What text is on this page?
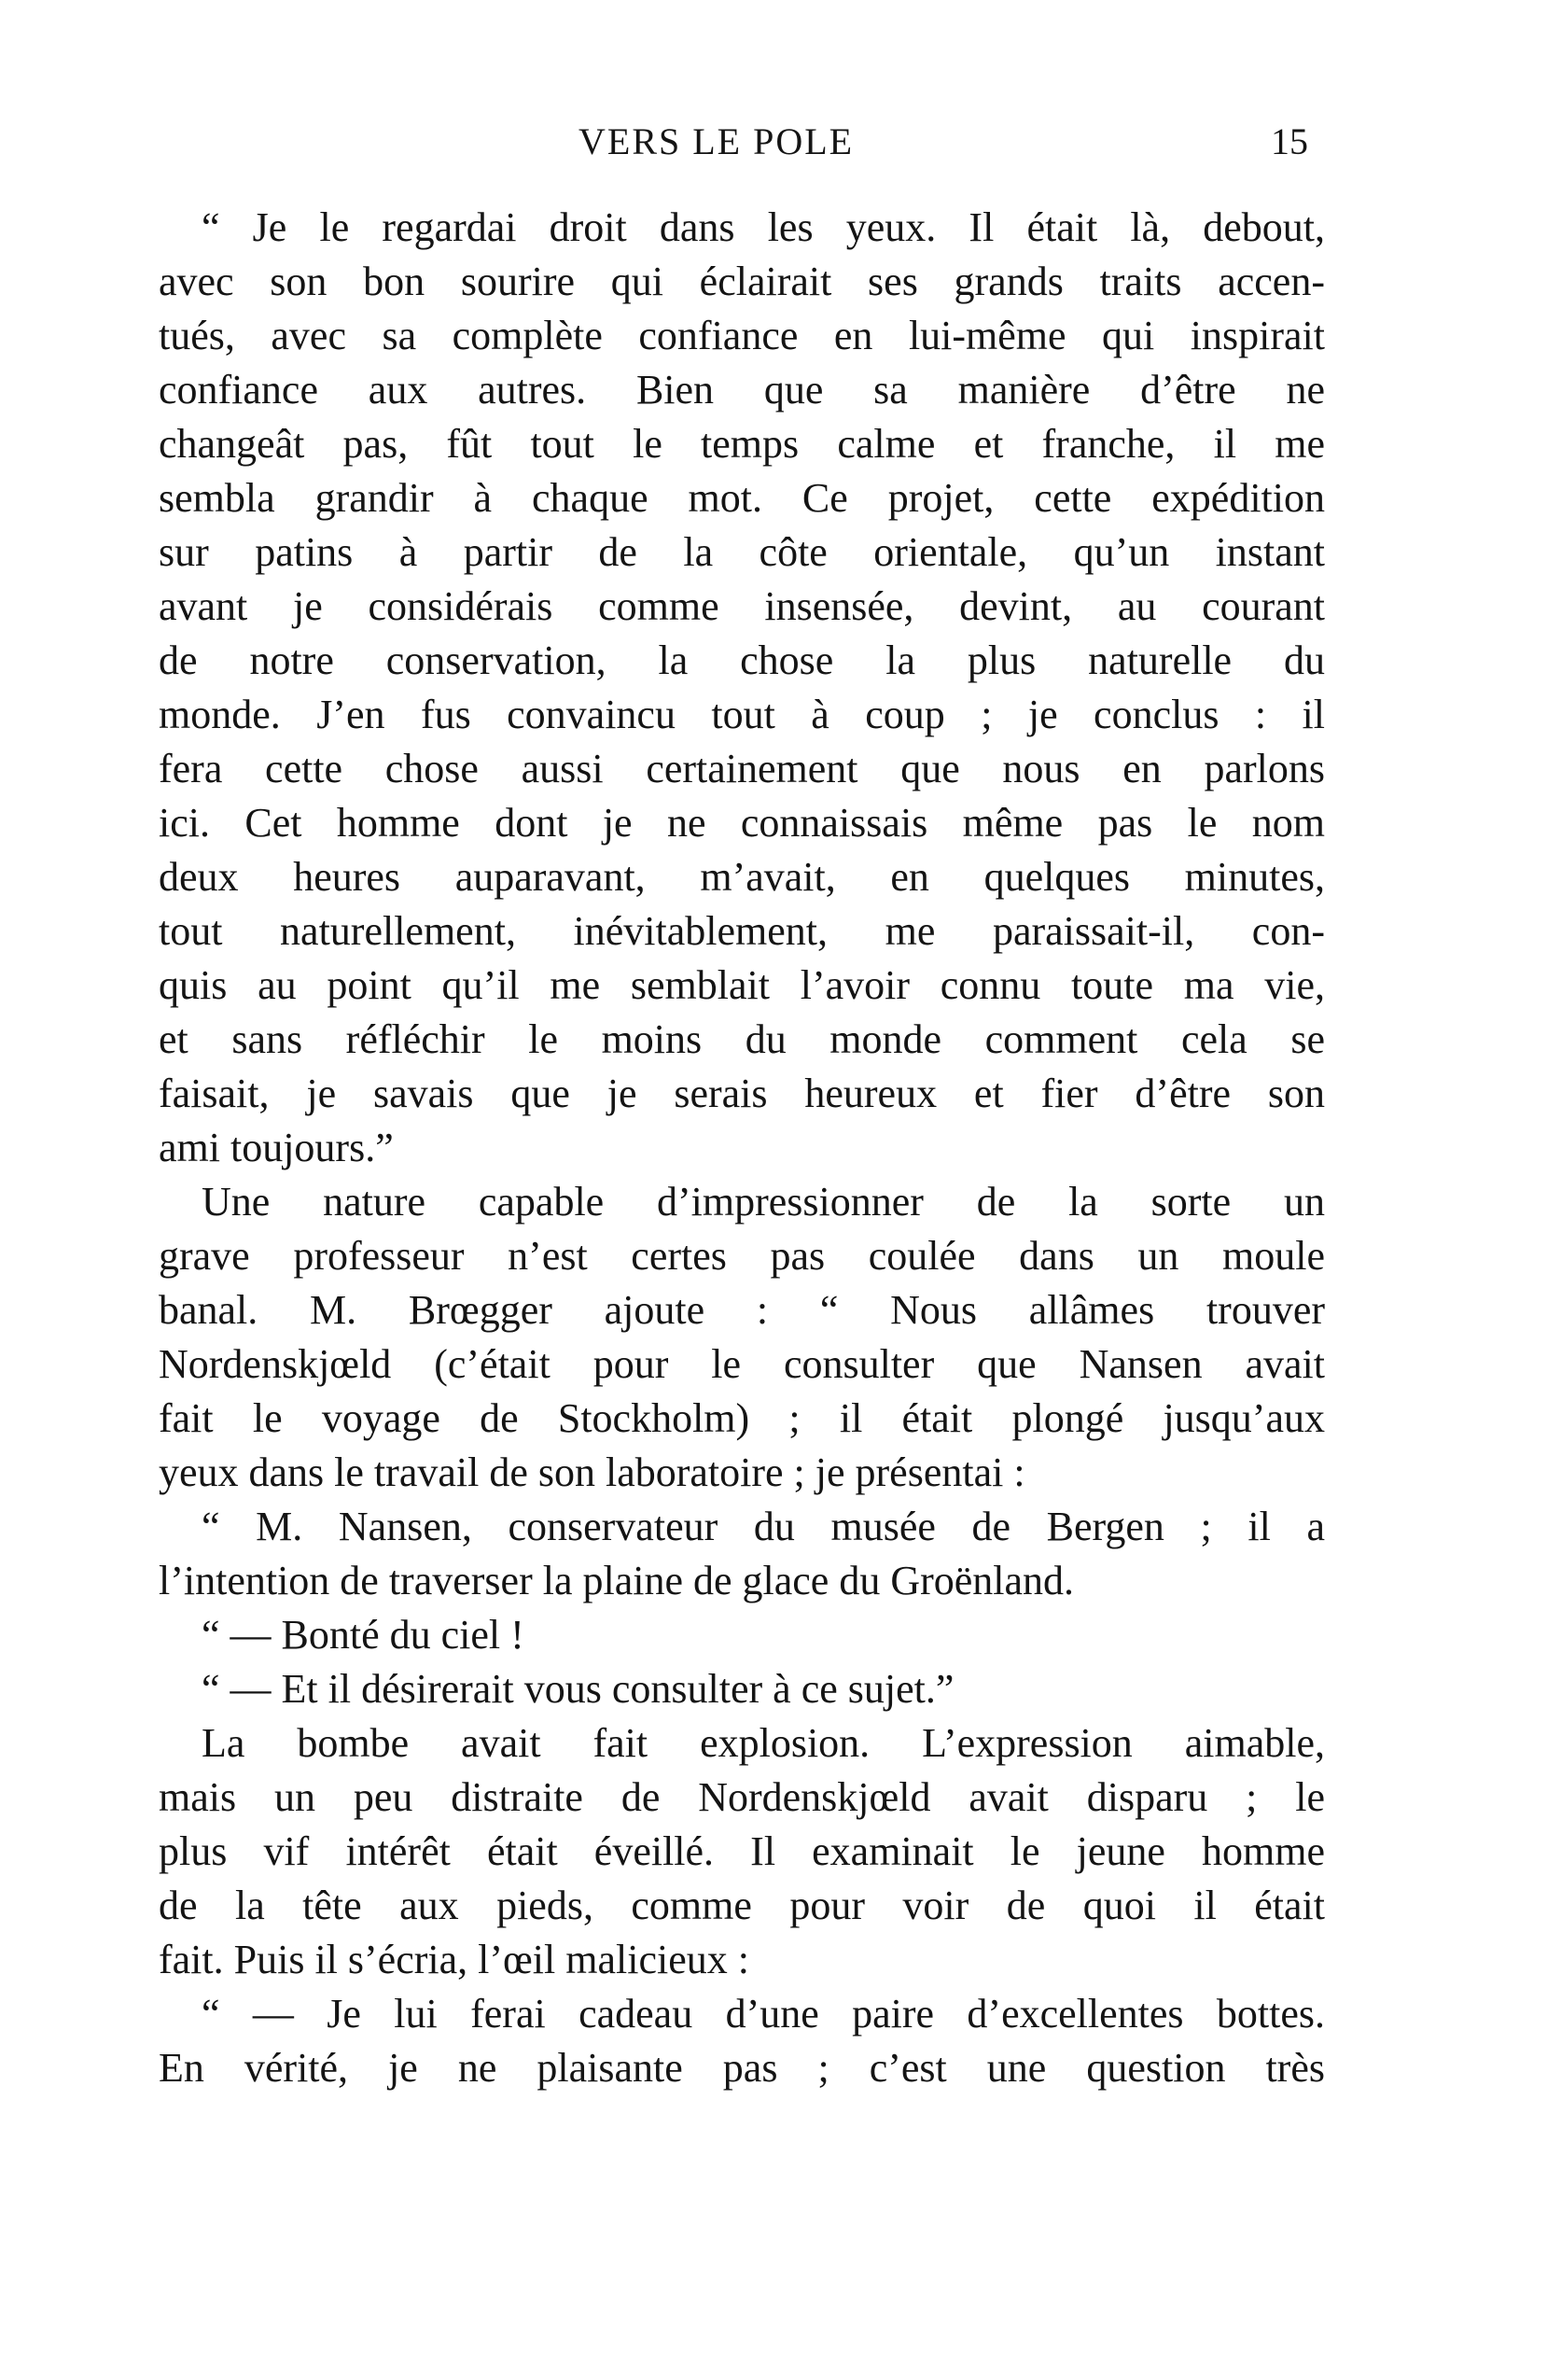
VERS LE POLE	15
“ Je le regardai droit dans les yeux. Il était là, debout,
avec son bon sourire qui éclairait ses grands traits accen-
tués, avec sa complète confiance en lui-même qui inspirait
confiance aux autres. Bien que sa manière d’être ne
changeât pas, fût tout le temps calme et franche, il me
sembla grandir à chaque mot. Ce projet, cette expédition
sur patins à partir de la côte orientale, qu’un instant
avant je considérais comme insensée, devint, au courant
de notre conservation, la chose la plus naturelle du
monde. J’en fus convaincu tout à coup ; je conclus : il
fera cette chose aussi certainement que nous en parlons
ici. Cet homme dont je ne connaissais même pas le nom
deux heures auparavant, m’avait, en quelques minutes,
tout naturellement, inévitablement, me paraissait-il, con-
quis au point qu’il me semblait l’avoir connu toute ma vie,
et sans réfléchir le moins du monde comment cela se
faisait, je savais que je serais heureux et fier d’être son
ami toujours.”
Une nature capable d’impressionner de la sorte un
grave professeur n’est certes pas coulée dans un moule
banal. M. Brœgger ajoute : “ Nous allâmes trouver
Nordenskjœld (c’était pour le consulter que Nansen avait
fait le voyage de Stockholm) ; il était plongé jusqu’aux
yeux dans le travail de son laboratoire ; je présentai :
“ M. Nansen, conservateur du musée de Bergen ; il a
l’intention de traverser la plaine de glace du Groënland.
“ — Bonté du ciel !
“ — Et il désirerait vous consulter à ce sujet.”
La bombe avait fait explosion. L’expression aimable,
mais un peu distraite de Nordenskjœld avait disparu ; le
plus vif intérêt était éveillé. Il examinait le jeune homme
de la tête aux pieds, comme pour voir de quoi il était
fait. Puis il s’écria, l’œil malicieux :
“ — Je lui ferai cadeau d’une paire d’excellentes bottes.
En vérité, je ne plaisante pas ; c’est une question très
